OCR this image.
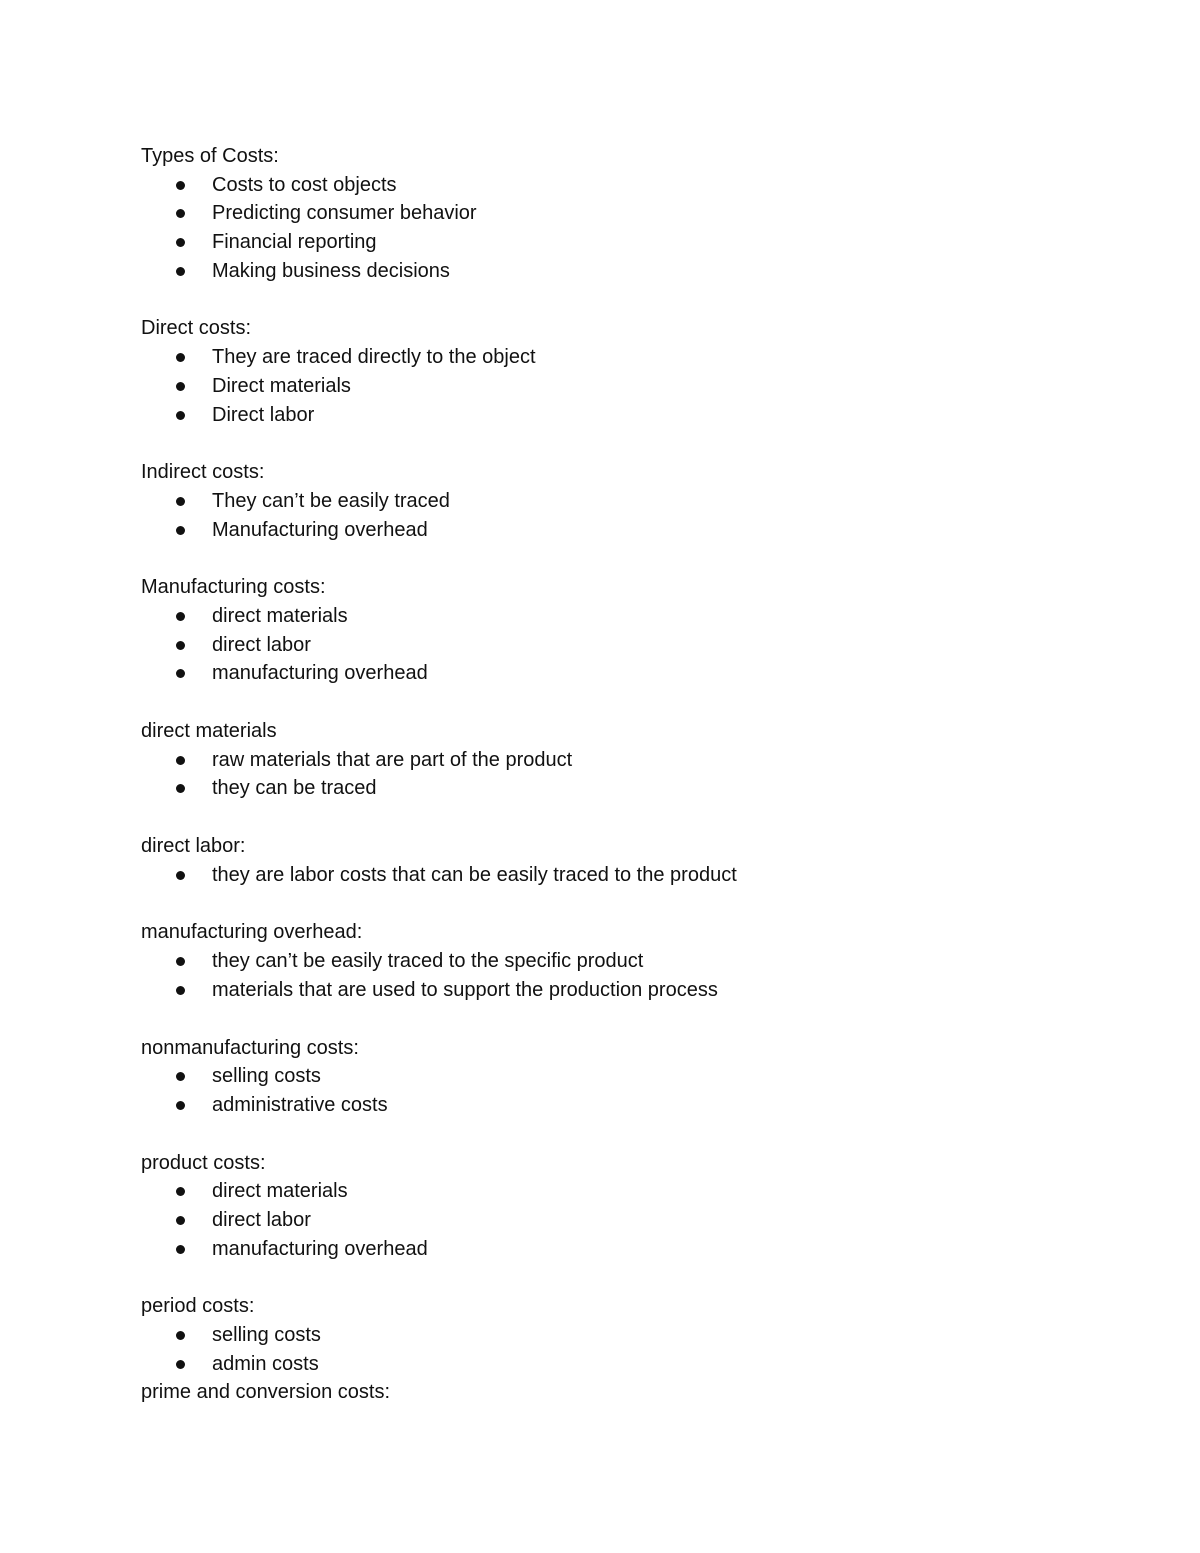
Types of Costs:
Costs to cost objects
Predicting consumer behavior
Financial reporting
Making business decisions
Direct costs:
They are traced directly to the object
Direct materials
Direct labor
Indirect costs:
They can’t be easily traced
Manufacturing overhead
Manufacturing costs:
direct materials
direct labor
manufacturing overhead
direct materials
raw materials that are part of the product
they can be traced
direct labor:
they are labor costs that can be easily traced to the product
manufacturing overhead:
they can’t be easily traced to the specific product
materials that are used to support the production process
nonmanufacturing costs:
selling costs
administrative costs
product costs:
direct materials
direct labor
manufacturing overhead
period costs:
selling costs
admin costs
prime and conversion costs:
